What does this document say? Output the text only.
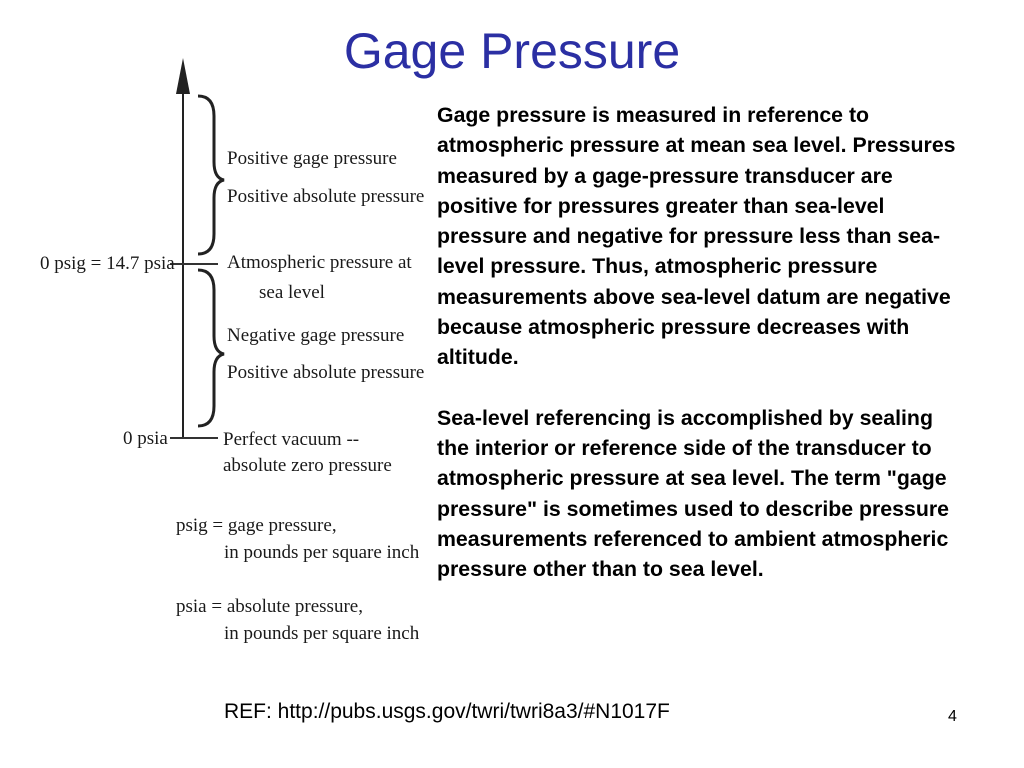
Gage Pressure
0 psig = 14.7 psia
0 psia
Positive gage pressure
Positive absolute pressure
Atmospheric pressure at
sea level
Negative gage pressure
Positive absolute pressure
Perfect vacuum --
absolute zero pressure
psig = gage pressure,
in pounds per square inch
psia = absolute pressure,
in pounds per square inch

Gage pressure is measured in reference to atmospheric pressure at mean sea level. Pressures measured by a gage-pressure transducer are positive for pressures greater than sea-level pressure and negative for pressure less than sea-level pressure. Thus, atmospheric pressure measurements above sea-level datum are negative because atmospheric pressure decreases with altitude.

Sea-level referencing is accomplished by sealing the interior or reference side of the transducer to atmospheric pressure at sea level. The term "gage pressure" is sometimes used to describe pressure measurements referenced to ambient atmospheric pressure other than to sea level.

REF: http://pubs.usgs.gov/twri/twri8a3/#N1017F	4
